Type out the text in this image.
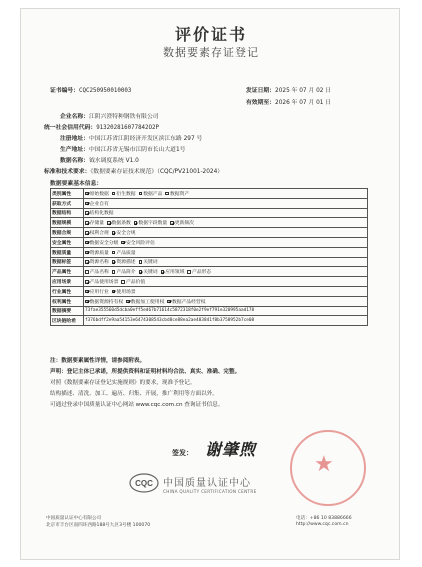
评价证书
数据要素存证登记
证书编号：CQC250950010003	发证日期：2025 年 07 月 02 日
有效期至：2026 年 07 月 01 日
企业名称：江阴兴澄特种钢铁有限公司
统一社会信用代码：913202816077842O2P
注册地址：中国江苏省江阴经济开发区滨江东路 297 号
生产地址：中国江苏省无锡市江阴市长山大道1号
数据名称：钺水调度系统 V1.0
标准和技术要求：《数据要素存证技术规范》（CQC/PV21001-2024）
数据要素基本信息：
类别属性	原始数据 衍生数据 数据产品 数据资产
获取方式	企业自有
数据结构	结构化数据
数据规模	存储量 数据条数 数据字段数量 更新频次
数据合规	权利合规 安全合规
安全属性	数据安全分级 安全风险评估
数据质量	资源质量 产品质量
数据标签	资源名称 资源描述 关键词
产品属性	产品名称 产品简介 关键词 应用领域 产品形态
应用场景	产品使用场景 产品价值
行业属性	应用行业 使用场景
权利属性	数据资源持有权 数据加工使用权 数据产品经营权
数据摘要	73fae355560d5dcba0eff5ed67b71614c5872318f0e2f9ef791e320995aad178
区块链哈希	f376bdff2e9aa54153e6474308543cbd8ce88ea2ae483841f8b3758952b7ce08
注：数据要素属性详情，请参阅附表。
声明：登记主体已承诺，所提供资料和证明材料均合法、真实、准确、完整。
对照《数据要素存证登记实施规则》的要求，现准予登记。
结构描述、清洗、加工、遍历、归集、开展，推广利用等方面以外。
可通过登录中国质量认证中心网站 www.cqc.com.cn 查询证书信息。
签发： 谢肇煦
★
CQC 中国质量认证中心
CHINA QUALITY CERTIFICATION CENTRE
中国质量认证中心有限公司
北京市丰台区南四环西路188号九区3号楼 100070
电话：+86 10 83886666
http://www.cqc.com.cn
